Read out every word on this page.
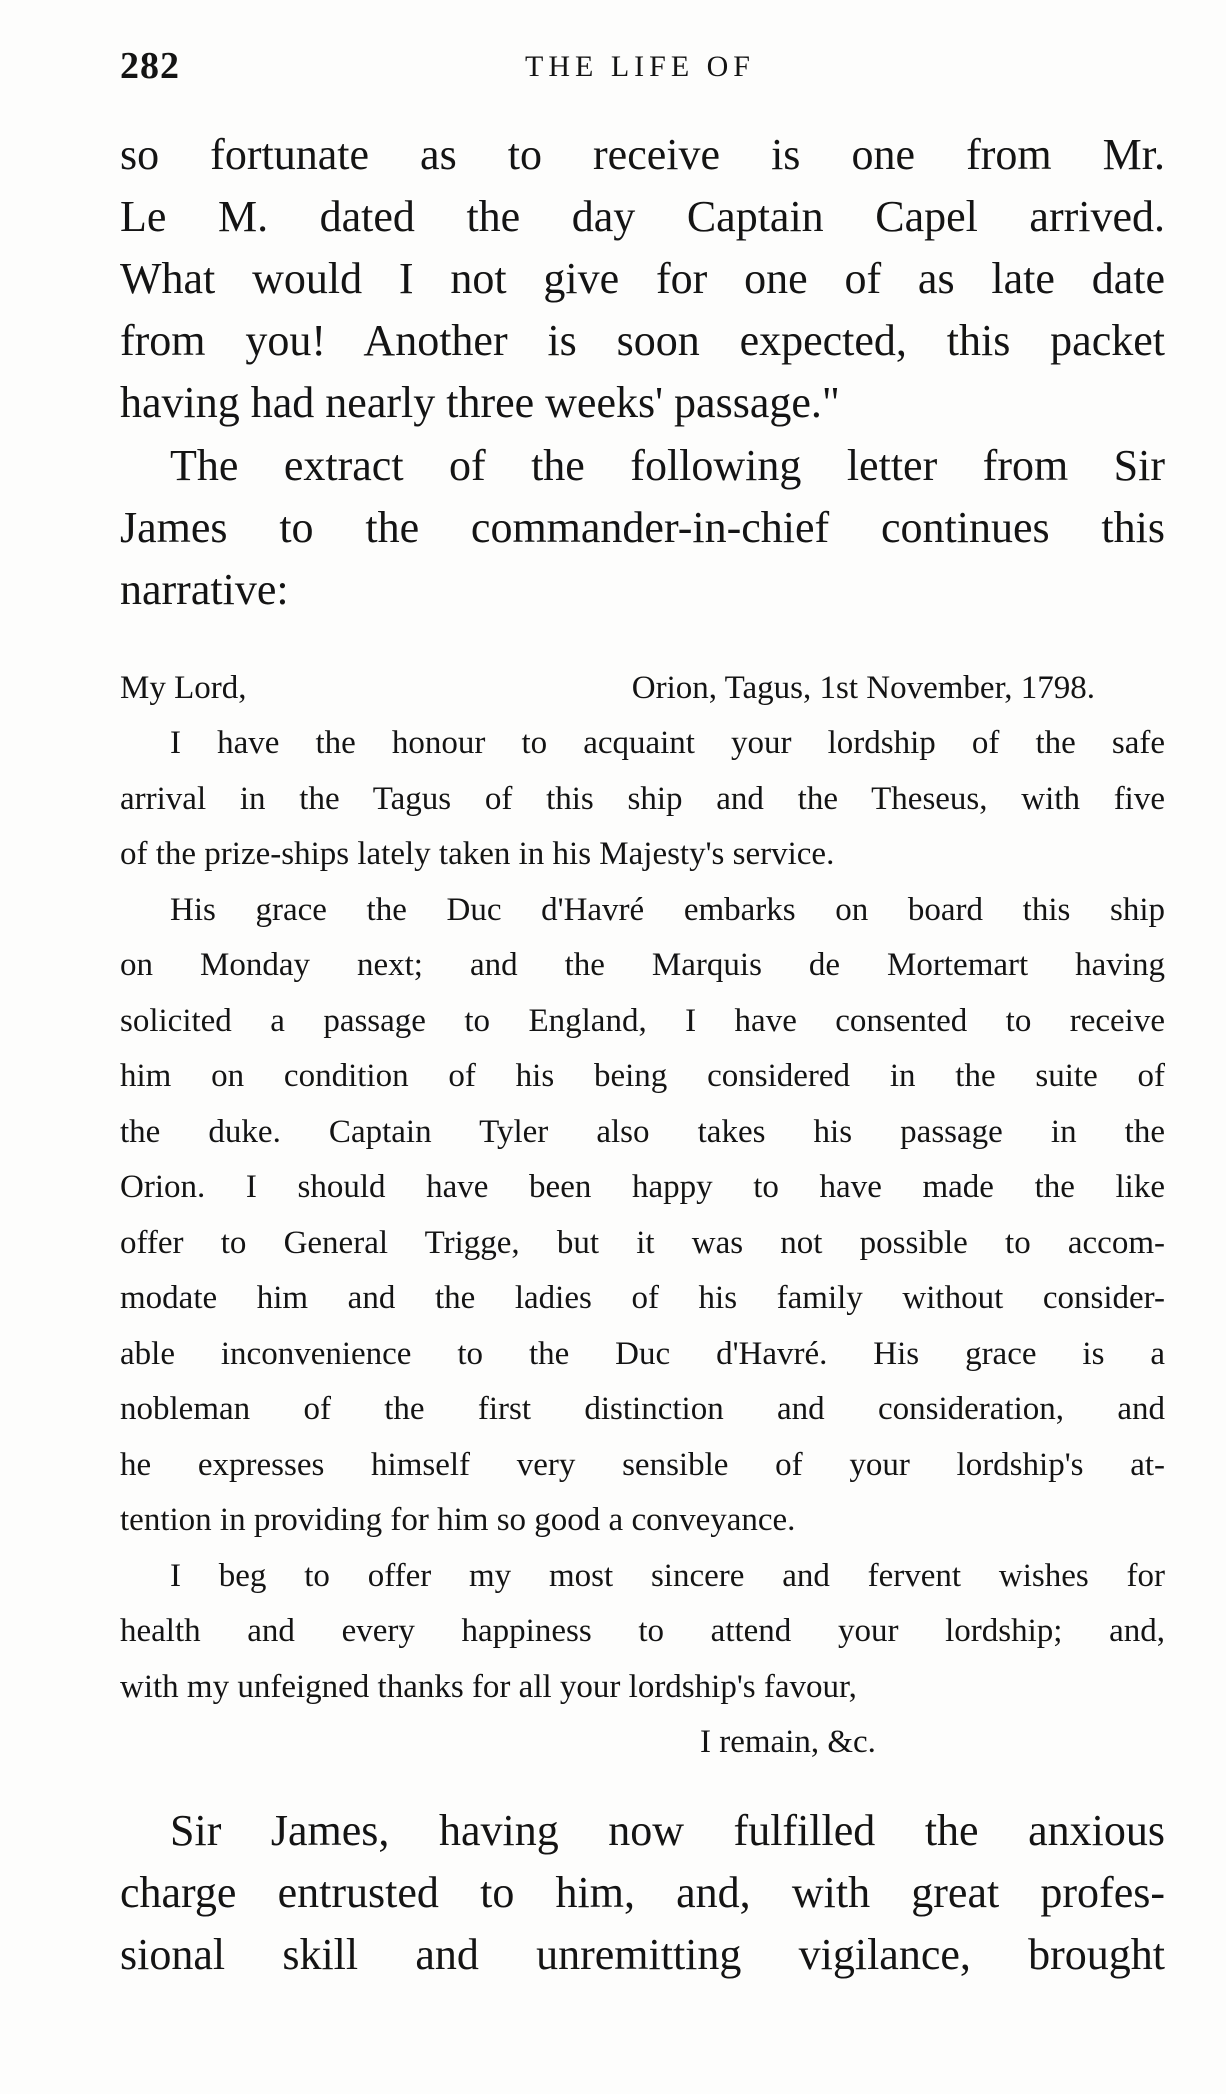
282	THE LIFE OF
so fortunate as to receive is one from Mr.
Le M. dated the day Captain Capel arrived.
What would I not give for one of as late date
from you! Another is soon expected, this packet
having had nearly three weeks' passage."
The extract of the following letter from Sir
James to the commander-in-chief continues this
narrative:
My Lord,	Orion, Tagus, 1st November, 1798.
I have the honour to acquaint your lordship of the safe
arrival in the Tagus of this ship and the Theseus, with five
of the prize-ships lately taken in his Majesty's service.
His grace the Duc d'Havré embarks on board this ship
on Monday next; and the Marquis de Mortemart having
solicited a passage to England, I have consented to receive
him on condition of his being considered in the suite of
the duke. Captain Tyler also takes his passage in the
Orion. I should have been happy to have made the like
offer to General Trigge, but it was not possible to accom-
modate him and the ladies of his family without consider-
able inconvenience to the Duc d'Havré. His grace is a
nobleman of the first distinction and consideration, and
he expresses himself very sensible of your lordship's at-
tention in providing for him so good a conveyance.
I beg to offer my most sincere and fervent wishes for
health and every happiness to attend your lordship; and,
with my unfeigned thanks for all your lordship's favour,
I remain, &c.
Sir James, having now fulfilled the anxious
charge entrusted to him, and, with great profes-
sional skill and unremitting vigilance, brought
